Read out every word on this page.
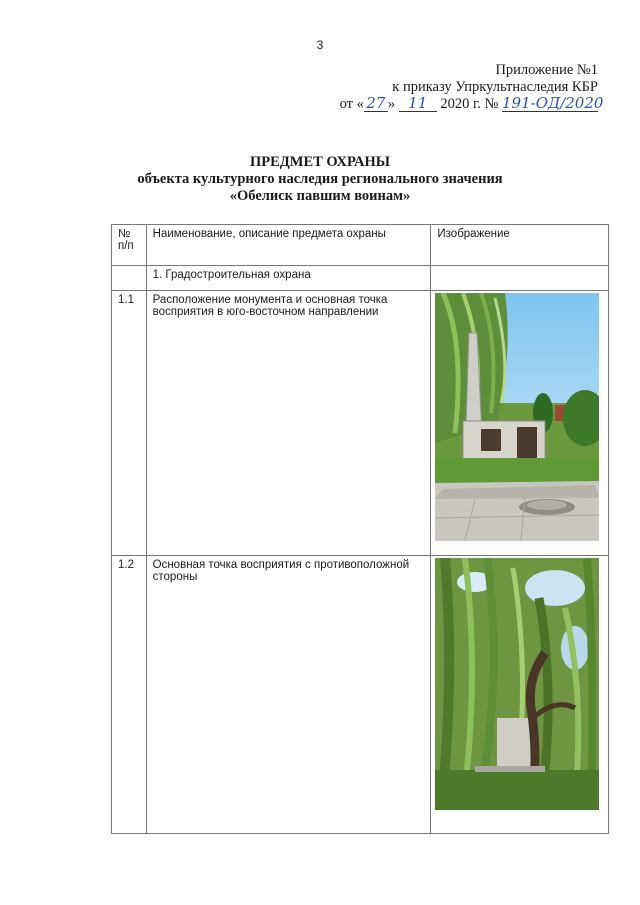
3
Приложение №1
к приказу Упркультнаследия КБР
от « 27 » 11 2020 г. № 191-ОД/2020
ПРЕДМЕТ ОХРАНЫ
объекта культурного наследия регионального значения
«Обелиск павшим воинам»
№ п/п	Наименование, описание предмета охраны	Изображение
	1. Градостроительная охрана	
1.1	Расположение монумента и основная точка восприятия в юго-восточном направлении	

1.2	Основная точка восприятия с противоположной стороны	
